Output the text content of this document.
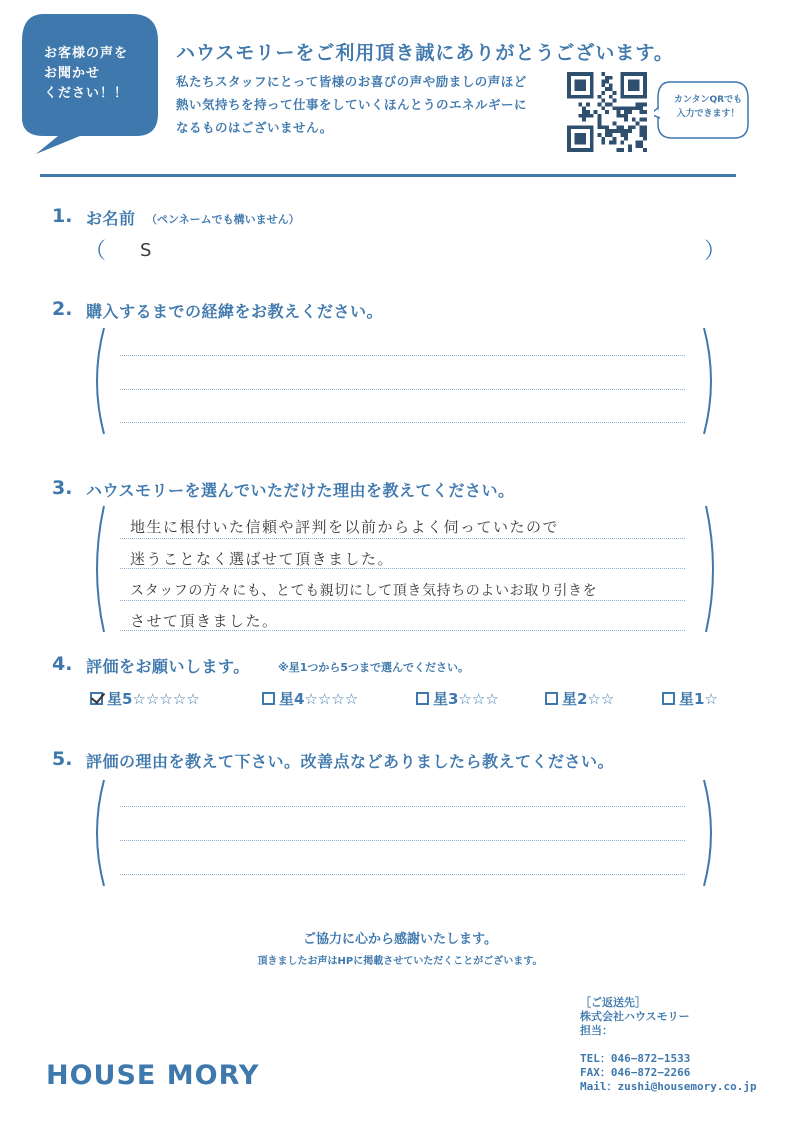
お客様の声を
お聞かせ
ください！！
ハウスモリーをご利用頂き誠にありがとうございます。
私たちスタッフにとって皆様のお喜びの声や励ましの声ほど
熱い気持ちを持って仕事をしていくほんとうのエネルギーに
なるものはございません。
カンタンQRでも
入力できます！
1. お名前 （ペンネームでも構いません）
（	）
S
2. 購入するまでの経緯をお教えください。
3. ハウスモリーを選んでいただけた理由を教えてください。
地生に根付いた信頼や評判を以前からよく伺っていたので
迷うことなく選ばせて頂きました。
スタッフの方々にも、とても親切にして頂き気持ちのよいお取り引きを
させて頂きました。
4. 評価をお願いします。	※星1つから5つまで選んでください。
星5☆☆☆☆☆	星4☆☆☆☆	星3☆☆☆	星2☆☆	星1☆
5. 評価の理由を教えて下さい。改善点などありましたら教えてください。
ご協力に心から感謝いたします。
頂きましたお声はHPに掲載させていただくことがございます。
HOUSE MORY
［ご返送先］
株式会社ハウスモリー
担当：
TEL：046−872−1533
FAX：046−872−2266
Mail：zushi@housemory.co.jp
